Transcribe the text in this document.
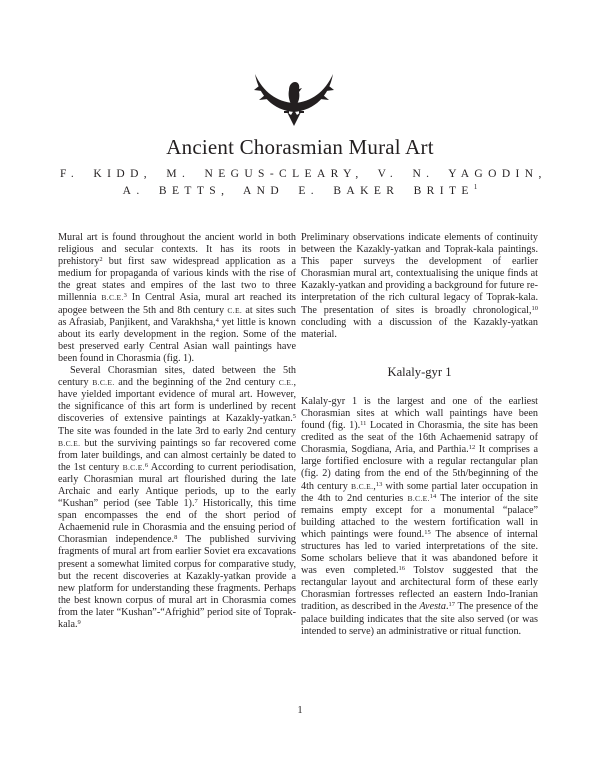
Ancient Chorasmian Mural Art

F. KIDD, M. NEGUS-CLEARY, V. N. YAGODIN,

A. BETTS, AND E. BAKER BRITE$^1$

Mural art is found throughout the ancient world in both religious and secular contexts. It has its roots in prehistory$^2$ but first saw widespread application as a medium for propaganda of various kinds with the rise of the great states and empires of the last two to three millennia B.C.E.$^3$ In Central Asia, mural art reached its apogee between the 5th and 8th century C.E. at sites such as Afrasiab, Panjikent, and Varakhsha,$^4$ yet little is known about its early development in the region. Some of the best preserved early Central Asian wall paintings have been found in Chorasmia (fig. 1).

Several Chorasmian sites, dated between the 5th century B.C.E. and the beginning of the 2nd century C.E., have yielded important evidence of mural art. However, the significance of this art form is underlined by recent discoveries of extensive paintings at Kazakly-yatkan.$^5$ The site was founded in the late 3rd to early 2nd century B.C.E. but the surviving paintings so far recovered come from later buildings, and can almost certainly be dated to the 1st century B.C.E.$^6$ According to current periodisation, early Chorasmian mural art flourished during the late Archaic and early Antique periods, up to the early “Kushan” period (see Table 1).$^7$ Historically, this time span encompasses the end of the short period of Achaemenid rule in Chorasmia and the ensuing period of Chorasmian independence.$^8$ The published surviving fragments of mural art from earlier Soviet era excavations present a somewhat limited corpus for comparative study, but the recent discoveries at Kazakly-yatkan provide a new platform for understanding these fragments. Perhaps the best known corpus of mural art in Chorasmia comes from the later “Kushan”-“Afrighid” period site of Toprak-kala.$^9$

Preliminary observations indicate elements of continuity between the Kazakly-yatkan and Toprak-kala paintings. This paper surveys the development of earlier Chorasmian mural art, contextualising the unique finds at Kazakly-yatkan and providing a background for future re-interpretation of the rich cultural legacy of Toprak-kala. The presentation of sites is broadly chronological,$^{10}$ concluding with a discussion of the Kazakly-yatkan material.

Kalaly-gyr 1

Kalaly-gyr 1 is the largest and one of the earliest Chorasmian sites at which wall paintings have been found (fig. 1).$^{11}$ Located in Chorasmia, the site has been credited as the seat of the 16th Achaemenid satrapy of Chorasmia, Sogdiana, Aria, and Parthia.$^{12}$ It comprises a large fortified enclosure with a regular rectangular plan (fig. 2) dating from the end of the 5th/beginning of the 4th century B.C.E.,$^{13}$ with some partial later occupation in the 4th to 2nd centuries B.C.E.$^{14}$ The interior of the site remains empty except for a monumental “palace” building attached to the western fortification wall in which paintings were found.$^{15}$ The absence of internal structures has led to varied interpretations of the site. Some scholars believe that it was abandoned before it was even completed.$^{16}$ Tolstov suggested that the rectangular layout and architectural form of these early Chorasmian fortresses reflected an eastern Indo-Iranian tradition, as described in the Avesta.$^{17}$ The presence of the palace building indicates that the site also served (or was intended to serve) an administrative or ritual function.

1
